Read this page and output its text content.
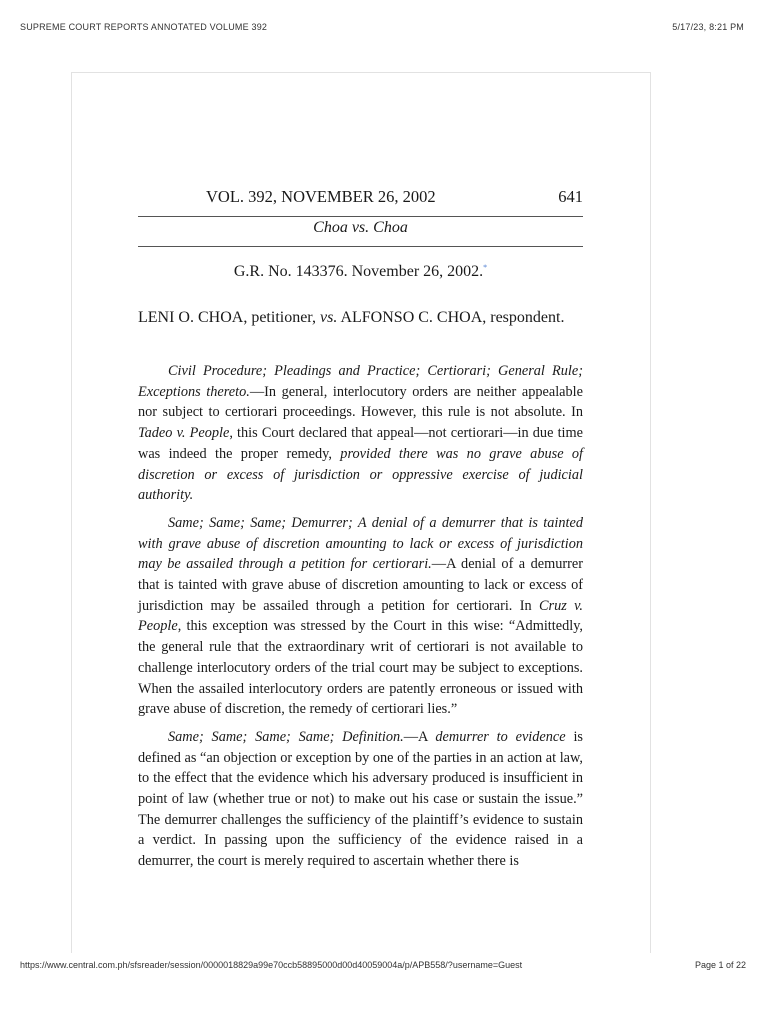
SUPREME COURT REPORTS ANNOTATED VOLUME 392	5/17/23, 8:21 PM
VOL. 392, NOVEMBER 26, 2002	641
Choa vs. Choa
G.R. No. 143376. November 26, 2002.*
LENI O. CHOA, petitioner, vs. ALFONSO C. CHOA, respondent.

Civil Procedure; Pleadings and Practice; Certiorari; General Rule; Exceptions thereto.—In general, interlocutory orders are neither appealable nor subject to certiorari proceedings. However, this rule is not absolute. In Tadeo v. People, this Court declared that appeal—not certiorari—in due time was indeed the proper remedy, provided there was no grave abuse of discretion or excess of jurisdiction or oppressive exercise of judicial authority.

Same; Same; Same; Demurrer; A denial of a demurrer that is tainted with grave abuse of discretion amounting to lack or excess of jurisdiction may be assailed through a petition for certiorari.—A denial of a demurrer that is tainted with grave abuse of discretion amounting to lack or excess of jurisdiction may be assailed through a petition for certiorari. In Cruz v. People, this exception was stressed by the Court in this wise: “Admittedly, the general rule that the extraordinary writ of certiorari is not available to challenge interlocutory orders of the trial court may be subject to exceptions. When the assailed interlocutory orders are patently erroneous or issued with grave abuse of discretion, the remedy of certiorari lies.”

Same; Same; Same; Same; Definition.—A demurrer to evidence is defined as “an objection or exception by one of the parties in an action at law, to the effect that the evidence which his adversary produced is insufficient in point of law (whether true or not) to make out his case or sustain the issue.” The demurrer challenges the sufficiency of the plaintiff’s evidence to sustain a verdict. In passing upon the sufficiency of the evidence raised in a demurrer, the court is merely required to ascertain whether there is

https://www.central.com.ph/sfsreader/session/0000018829a99e70ccb58895000d00d40059004a/p/APB558/?username=Guest	Page 1 of 22
